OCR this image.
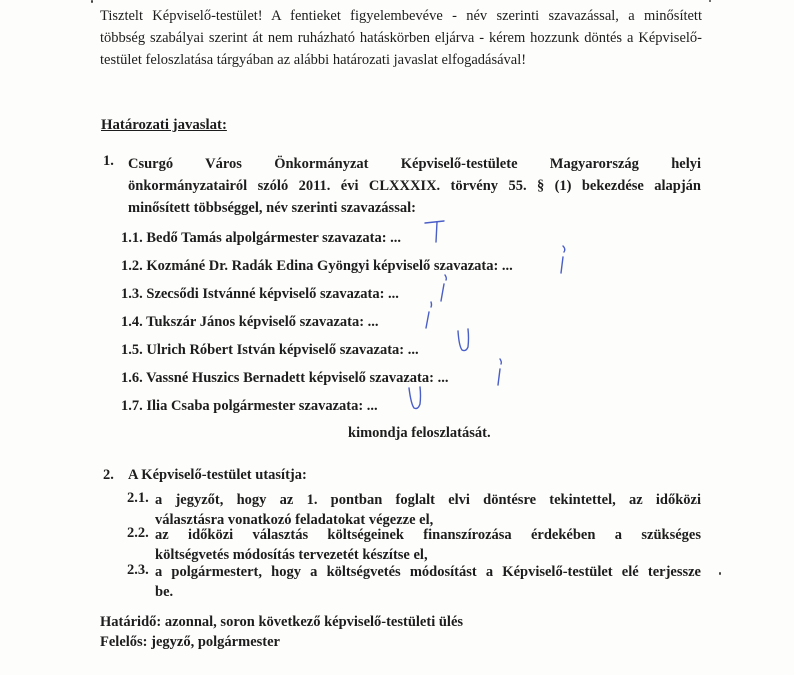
Tisztelt Képviselő-testület! A fentieket figyelembevéve - név szerinti szavazással, a minősített
többség szabályai szerint át nem ruházható hatáskörben eljárva - kérem hozzunk döntés a Képviselő-
testület feloszlatása tárgyában az alábbi határozati javaslat elfogadásával!
Határozati javaslat:
1. Csurgó Város Önkormányzat Képviselő-testülete Magyarország helyi
önkormányzatairól szóló 2011. évi CLXXXIX. törvény 55. § (1) bekezdése alapján
minősített többséggel, név szerinti szavazással:
1.1. Bedő Tamás alpolgármester szavazata: ...
1.2. Kozmáné Dr. Radák Edina Gyöngyi képviselő szavazata: ...
1.3. Szecsődi Istvánné képviselő szavazata: ...
1.4. Tukszár János képviselő szavazata: ...
1.5. Ulrich Róbert István képviselő szavazata: ...
1.6. Vassné Huszics Bernadett képviselő szavazata: ...
1.7. Ilia Csaba polgármester szavazata: ...
kimondja feloszlatását.
2. A Képviselő-testület utasítja:
2.1. a jegyzőt, hogy az 1. pontban foglalt elvi döntésre tekintettel, az időközi
választásra vonatkozó feladatokat végezze el,
2.2. az időközi választás költségeinek finanszírozása érdekében a szükséges
költségvetés módosítás tervezetét készítse el,
2.3. a polgármestert, hogy a költségvetés módosítást a Képviselő-testület elé terjessze
be.
Határidő: azonnal, soron következő képviselő-testületi ülés
Felelős: jegyző, polgármester
